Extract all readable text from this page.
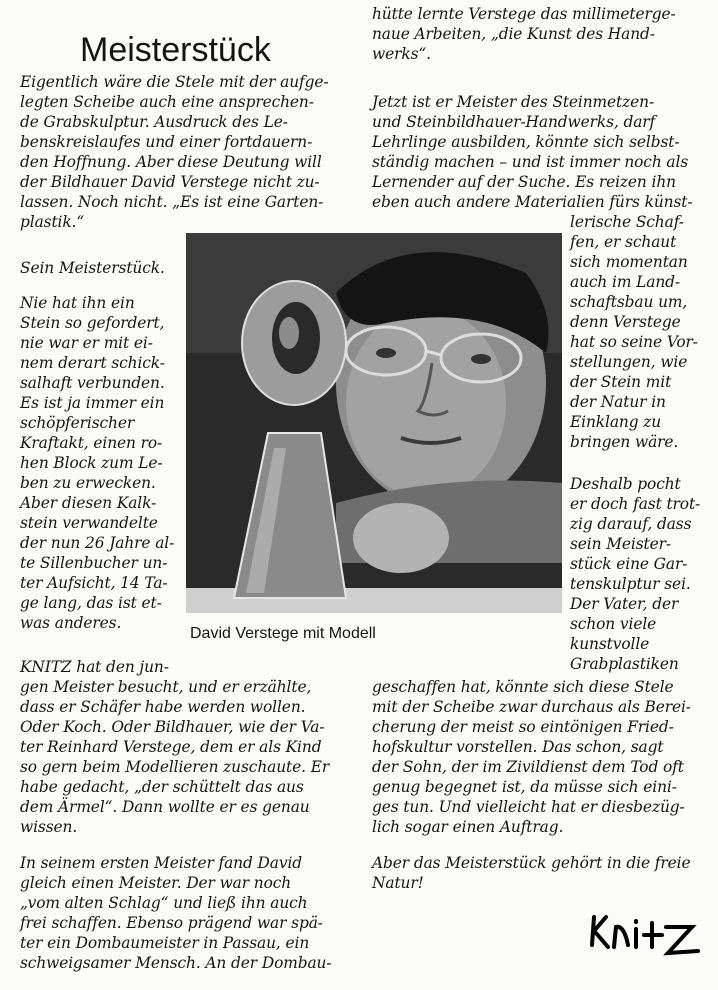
Meisterstück
Eigentlich wäre die Stele mit der aufge-
legten Scheibe auch eine ansprechen-
de Grabskulptur. Ausdruck des Le-
benskreislaufes und einer fortdauern-
den Hoffnung. Aber diese Deutung will
der Bildhauer David Verstege nicht zu-
lassen. Noch nicht. „Es ist eine Garten-
plastik.“
Sein Meisterstück.
Nie hat ihn ein
Stein so gefordert,
nie war er mit ei-
nem derart schick-
salhaft verbunden.
Es ist ja immer ein
schöpferischer
Kraftakt, einen ro-
hen Block zum Le-
ben zu erwecken.
Aber diesen Kalk-
stein verwandelte
der nun 26 Jahre al-
te Sillenbucher un-
ter Aufsicht, 14 Ta-
ge lang, das ist et-
was anderes.
KNITZ hat den jun-
gen Meister besucht, und er erzählte,
dass er Schäfer habe werden wollen.
Oder Koch. Oder Bildhauer, wie der Va-
ter Reinhard Verstege, dem er als Kind
so gern beim Modellieren zuschaute. Er
habe gedacht, „der schüttelt das aus
dem Ärmel“. Dann wollte er es genau
wissen.
In seinem ersten Meister fand David
gleich einen Meister. Der war noch
„vom alten Schlag“ und ließ ihn auch
frei schaffen. Ebenso prägend war spä-
ter ein Dombaumeister in Passau, ein
schweigsamer Mensch. An der Dombau-
hütte lernte Verstege das millimetergе-
naue Arbeiten, „die Kunst des Hand-
werks“.
Jetzt ist er Meister des Steinmetzen-
und Steinbildhauer-Handwerks, darf
Lehrlinge ausbilden, könnte sich selbst-
ständig machen – und ist immer noch als
Lernender auf der Suche. Es reizen ihn
eben auch andere Materialien fürs künst-
lerische Schaf-
fen, er schaut
sich momentan
auch im Land-
schaftsbau um,
denn Verstege
hat so seine Vor-
stellungen, wie
der Stein mit
der Natur in
Einklang zu
bringen wäre.
Deshalb pocht
er doch fast trot-
zig darauf, dass
sein Meister-
stück eine Gar-
tenskulptur sei.
Der Vater, der
schon viele
kunstvolle
Grabplastiken
geschaffen hat, könnte sich diese Stele
mit der Scheibe zwar durchaus als Berei-
cherung der meist so eintönigen Fried-
hofskultur vorstellen. Das schon, sagt
der Sohn, der im Zivildienst dem Tod oft
genug begegnet ist, da müsse sich eini-
ges tun. Und vielleicht hat er diesbezüg-
lich sogar einen Auftrag.
Aber das Meisterstück gehört in die freie
Natur!
David Verstege mit Modell
